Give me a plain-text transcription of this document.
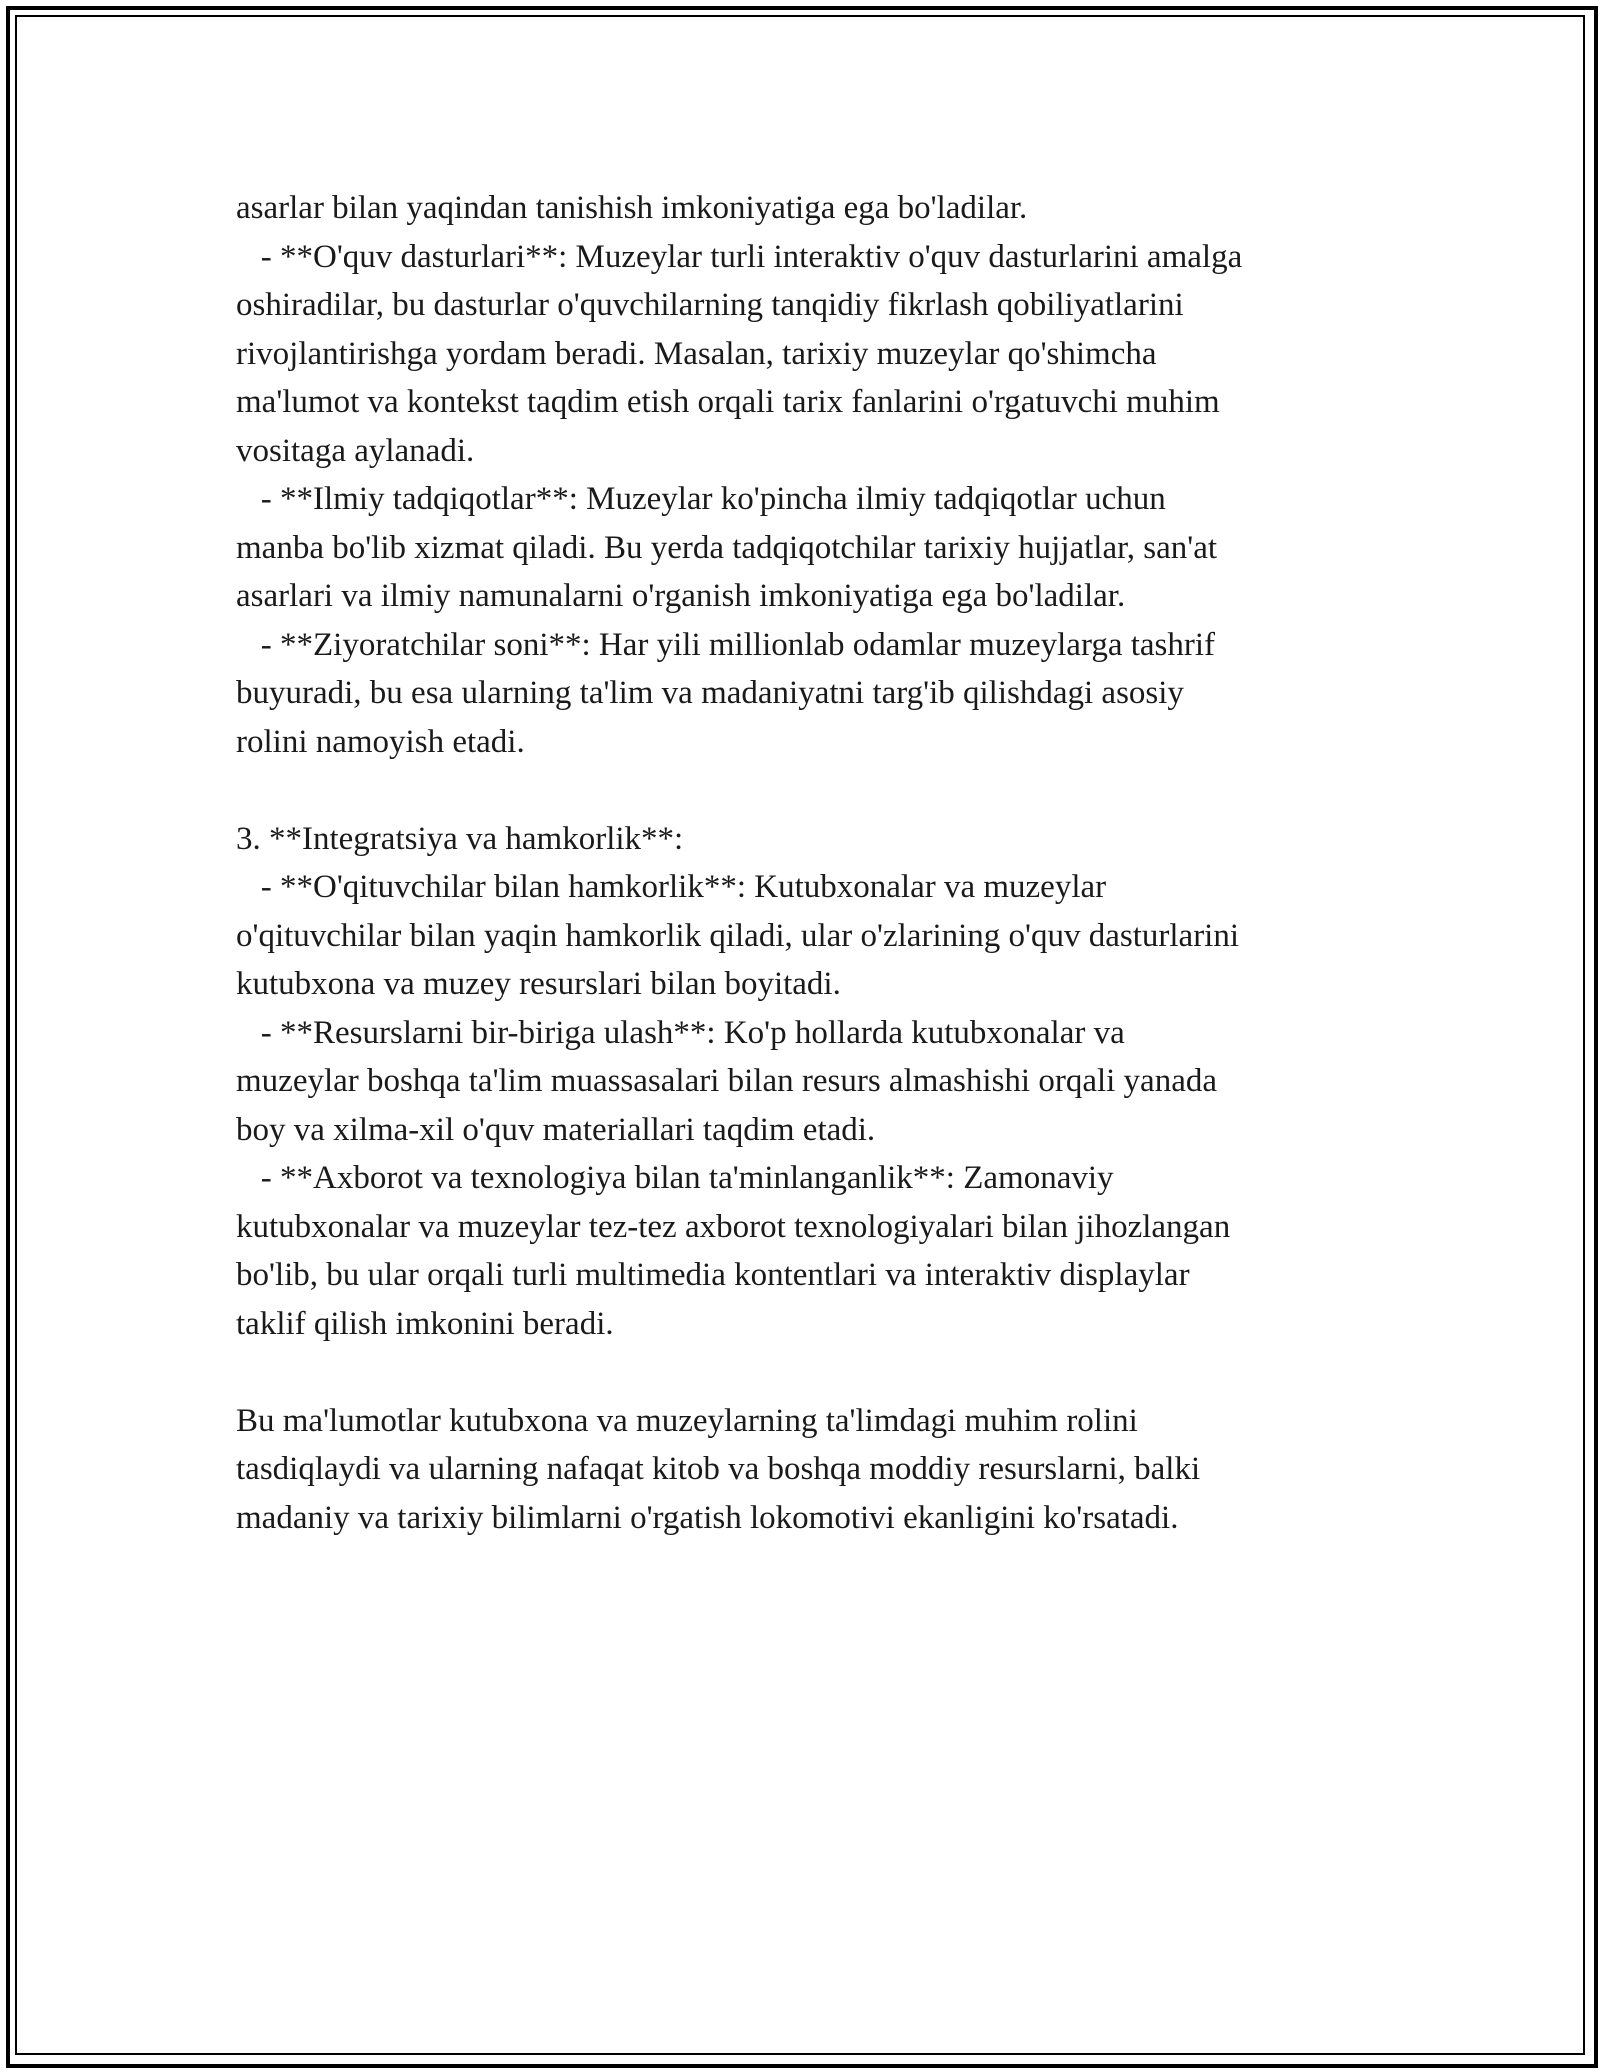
asarlar bilan yaqindan tanishish imkoniyatiga ega bo'ladilar.
- **O'quv dasturlari**: Muzeylar turli interaktiv o'quv dasturlarini amalga
oshiradilar, bu dasturlar o'quvchilarning tanqidiy fikrlash qobiliyatlarini
rivojlantirishga yordam beradi. Masalan, tarixiy muzeylar qo'shimcha
ma'lumot va kontekst taqdim etish orqali tarix fanlarini o'rgatuvchi muhim
vositaga aylanadi.
- **Ilmiy tadqiqotlar**: Muzeylar ko'pincha ilmiy tadqiqotlar uchun
manba bo'lib xizmat qiladi. Bu yerda tadqiqotchilar tarixiy hujjatlar, san'at
asarlari va ilmiy namunalarni o'rganish imkoniyatiga ega bo'ladilar.
- **Ziyoratchilar soni**: Har yili millionlab odamlar muzeylarga tashrif
buyuradi, bu esa ularning ta'lim va madaniyatni targ'ib qilishdagi asosiy
rolini namoyish etadi.
3. **Integratsiya va hamkorlik**:
- **O'qituvchilar bilan hamkorlik**: Kutubxonalar va muzeylar
o'qituvchilar bilan yaqin hamkorlik qiladi, ular o'zlarining o'quv dasturlarini
kutubxona va muzey resurslari bilan boyitadi.
- **Resurslarni bir-biriga ulash**: Ko'p hollarda kutubxonalar va
muzeylar boshqa ta'lim muassasalari bilan resurs almashishi orqali yanada
boy va xilma-xil o'quv materiallari taqdim etadi.
- **Axborot va texnologiya bilan ta'minlanganlik**: Zamonaviy
kutubxonalar va muzeylar tez-tez axborot texnologiyalari bilan jihozlangan
bo'lib, bu ular orqali turli multimedia kontentlari va interaktiv displaylar
taklif qilish imkonini beradi.
Bu ma'lumotlar kutubxona va muzeylarning ta'limdagi muhim rolini
tasdiqlaydi va ularning nafaqat kitob va boshqa moddiy resurslarni, balki
madaniy va tarixiy bilimlarni o'rgatish lokomotivi ekanligini ko'rsatadi.
